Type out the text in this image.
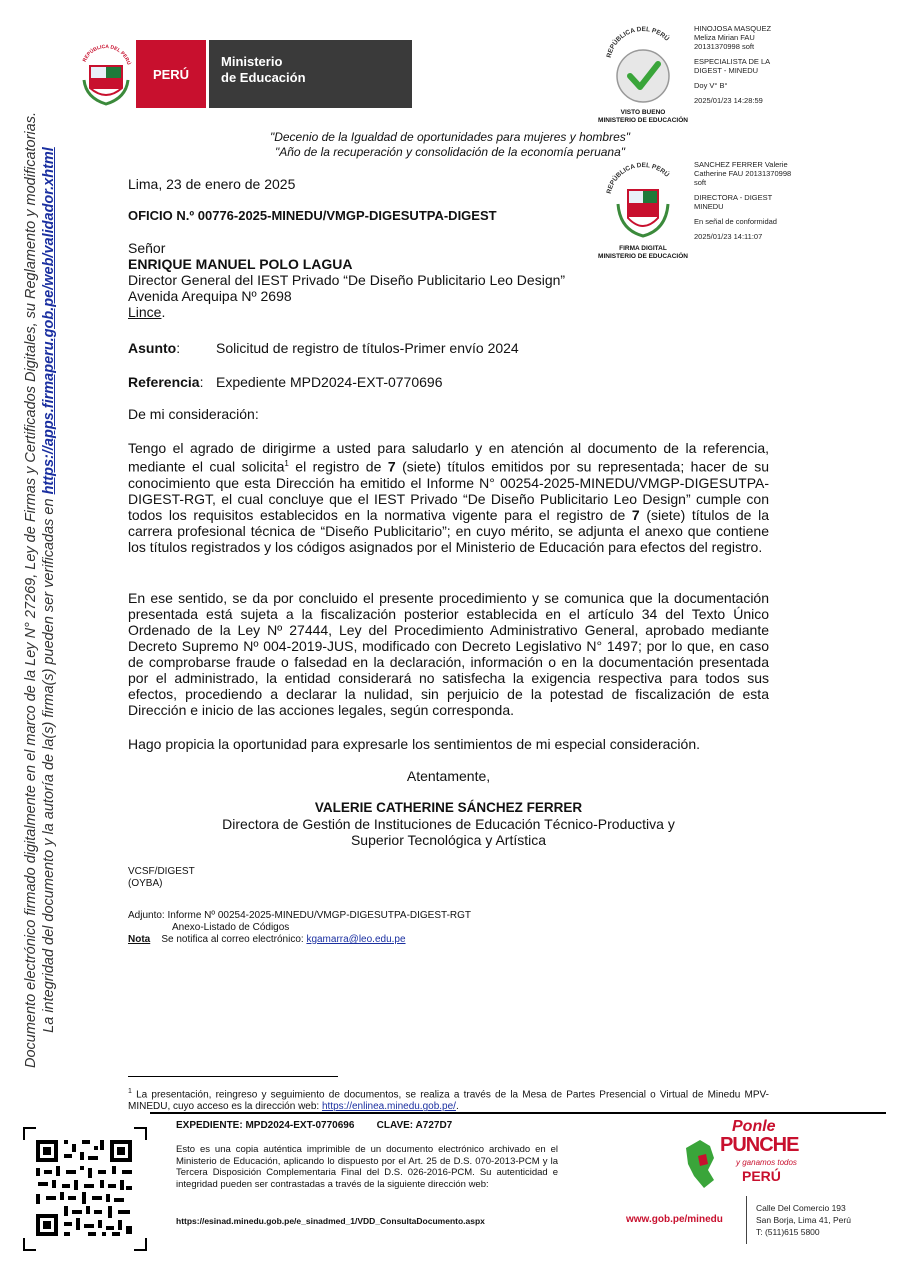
Documento electrónico firmado digitalmente en el marco de la Ley N° 27269, Ley de Firmas y Certificados Digitales, su Reglamento y modificatorias. La integridad del documento y la autoría de la(s) firma(s) pueden ser verificadas en https://apps.firmaperu.gob.pe/web/validador.xhtml
REPÚBLICA DEL PERÚ
PERÚ
Ministerio
de Educación
REPÚBLICA DEL PERÚ
VISTO BUENO
MINISTERIO DE EDUCACIÓN

HINOJOSA MASQUEZ
Meliza Mirian FAU
20131370998 soft

ESPECIALISTA DE LA
DIGEST - MINEDU

Doy V° B°

2025/01/23 14:28:59

"Decenio de la Igualdad de oportunidades para mujeres y hombres"
"Año de la recuperación y consolidación de la economía peruana"
REPÚBLICA DEL PERÚ
FIRMA DIGITAL
MINISTERIO DE EDUCACIÓN

SANCHEZ FERRER Valerie
Catherine FAU 20131370998
soft

DIRECTORA - DIGEST
MINEDU

En señal de conformidad

2025/01/23 14:11:07

Lima, 23 de enero de 2025
OFICIO N.º 00776-2025-MINEDU/VMGP-DIGESUTPA-DIGEST
Señor
ENRIQUE MANUEL POLO LAGUA
Director General del IEST Privado “De Diseño Publicitario Leo Design”
Avenida Arequipa Nº 2698
Lince.
Asunto:	Solicitud de registro de títulos-Primer envío 2024
Referencia: Expediente MPD2024-EXT-0770696
De mi consideración:
Tengo el agrado de dirigirme a usted para saludarlo y en atención al documento de la referencia, mediante el cual solicita$^1$ el registro de 7 (siete) títulos emitidos por su representada; hacer de su conocimiento que esta Dirección ha emitido el Informe N° 00254-2025-MINEDU/VMGP-DIGESUTPA-DIGEST-RGT, el cual concluye que el IEST Privado “De Diseño Publicitario Leo Design” cumple con todos los requisitos establecidos en la normativa vigente para el registro de 7 (siete) títulos de la carrera profesional técnica de “Diseño Publicitario”; en cuyo mérito, se adjunta el anexo que contiene los títulos registrados y los códigos asignados por el Ministerio de Educación para efectos del registro.
En ese sentido, se da por concluido el presente procedimiento y se comunica que la documentación presentada está sujeta a la fiscalización posterior establecida en el artículo 34 del Texto Único Ordenado de la Ley Nº 27444, Ley del Procedimiento Administrativo General, aprobado mediante Decreto Supremo Nº 004-2019-JUS, modificado con Decreto Legislativo N° 1497; por lo que, en caso de comprobarse fraude o falsedad en la declaración, información o en la documentación presentada por el administrado, la entidad considerará no satisfecha la exigencia respectiva para todos sus efectos, procediendo a declarar la nulidad, sin perjuicio de la potestad de fiscalización de esta Dirección e inicio de las acciones legales, según corresponda.
Hago propicia la oportunidad para expresarle los sentimientos de mi especial consideración.
Atentamente,
VALERIE CATHERINE SÁNCHEZ FERRER
Directora de Gestión de Instituciones de Educación Técnico-Productiva y
Superior Tecnológica y Artística
VCSF/DIGEST
(OYBA)
Adjunto: Informe Nº 00254-2025-MINEDU/VMGP-DIGESUTPA-DIGEST-RGT
Anexo-Listado de Códigos
Nota Se notifica al correo electrónico: kgamarra@leo.edu.pe
$^1$ La presentación, reingreso y seguimiento de documentos, se realiza a través de la Mesa de Partes Presencial o Virtual de Minedu MPV-MINEDU, cuyo acceso es la dirección web: https://enlinea.minedu.gob.pe/.
EXPEDIENTE: MPD2024-EXT-0770696 CLAVE: A727D7
Esto es una copia auténtica imprimible de un documento electrónico archivado en el Ministerio de Educación, aplicando lo dispuesto por el Art. 25 de D.S. 070-2013-PCM y la Tercera Disposición Complementaria Final del D.S. 026-2016-PCM. Su autenticidad e integridad pueden ser contrastadas a través de la siguiente dirección web:
https://esinad.minedu.gob.pe/e_sinadmed_1/VDD_ConsultaDocumento.aspx
Ponle
PUNCHE
y ganamos todos
PERÚ
www.gob.pe/minedu
Calle Del Comercio 193
San Borja, Lima 41, Perú
T: (511)615 5800
